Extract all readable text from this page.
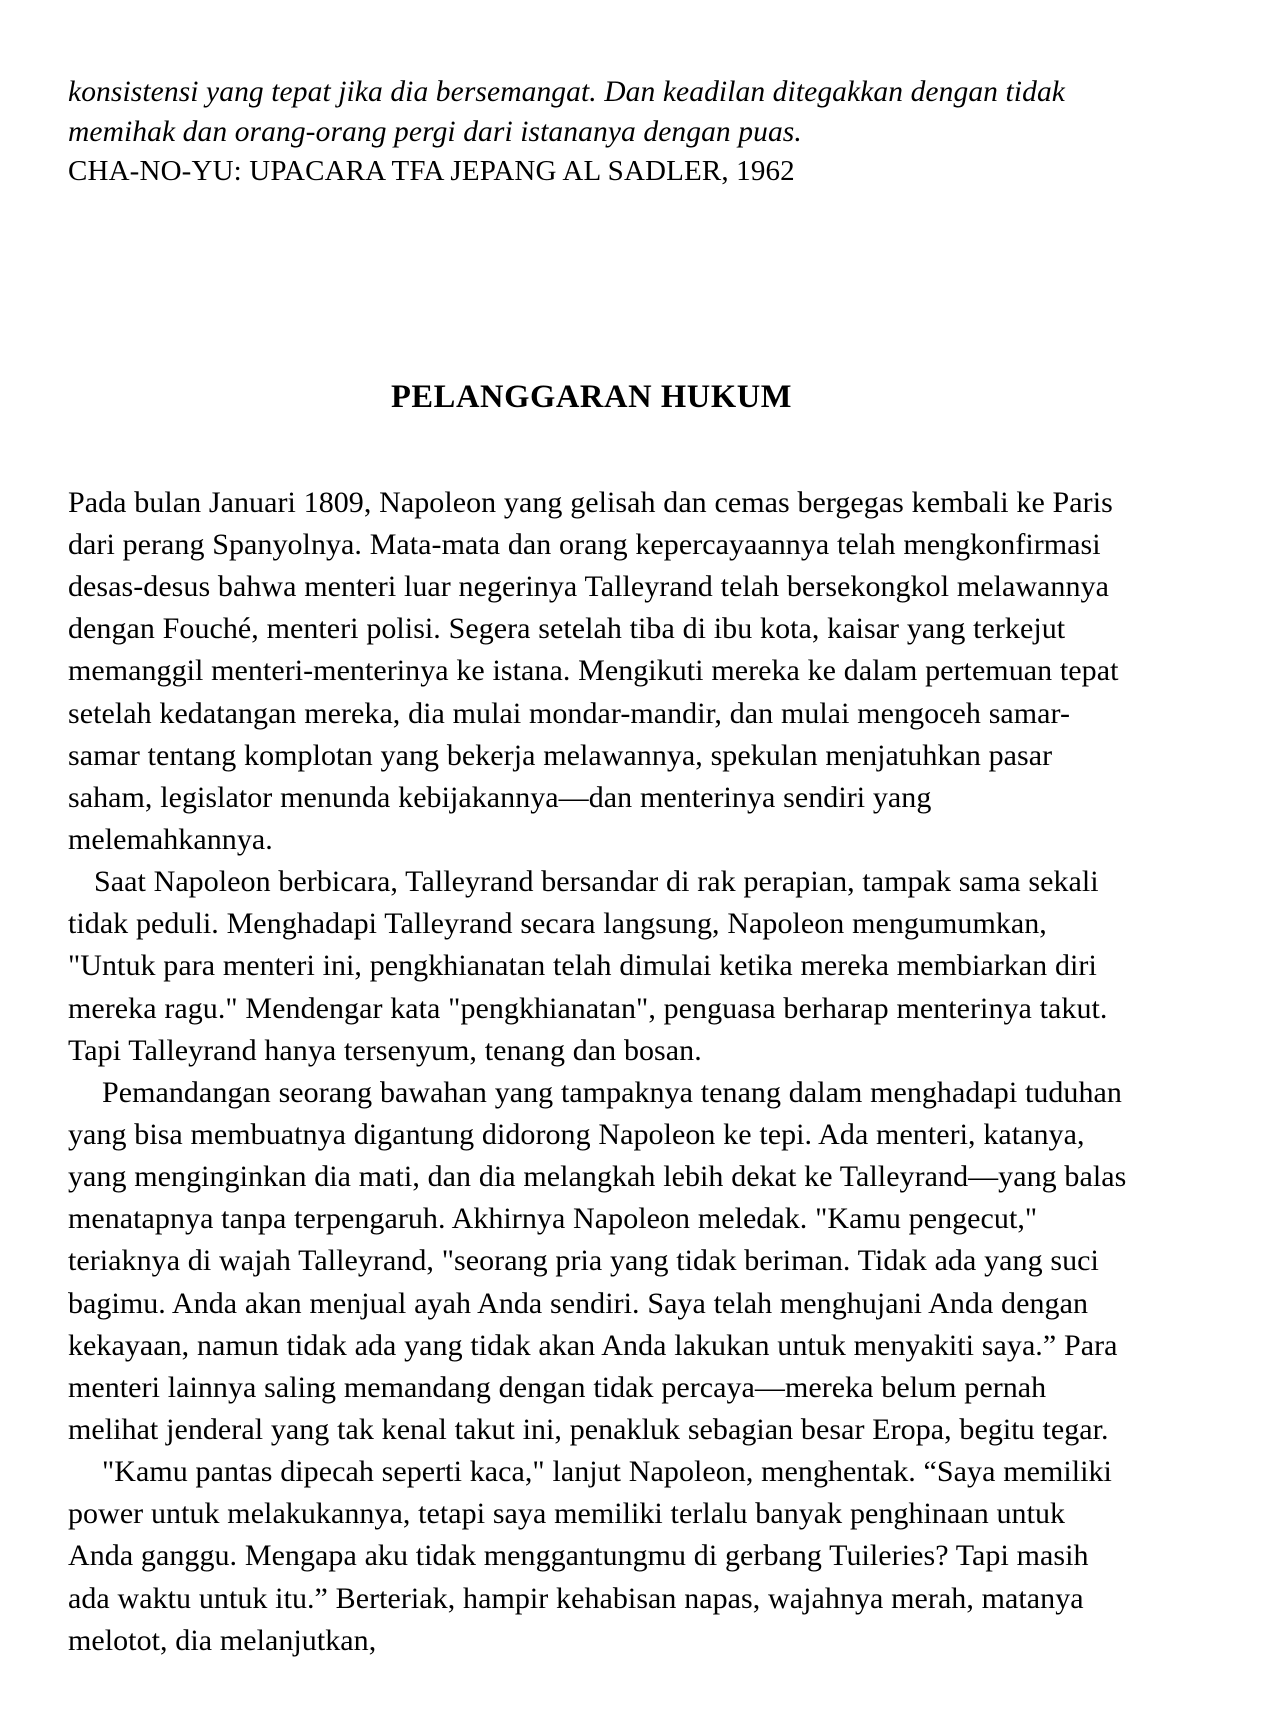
konsistensi yang tepat jika dia bersemangat. Dan keadilan ditegakkan dengan tidak memihak dan orang-orang pergi dari istananya dengan puas.

CHA-NO-YU: UPACARA TFA JEPANG AL SADLER, 1962

PELANGGARAN HUKUM

Pada bulan Januari 1809, Napoleon yang gelisah dan cemas bergegas kembali ke Paris dari perang Spanyolnya. Mata-mata dan orang kepercayaannya telah mengkonfirmasi desas-desus bahwa menteri luar negerinya Talleyrand telah bersekongkol melawannya dengan Fouché, menteri polisi. Segera setelah tiba di ibu kota, kaisar yang terkejut memanggil menteri-menterinya ke istana. Mengikuti mereka ke dalam pertemuan tepat setelah kedatangan mereka, dia mulai mondar-mandir, dan mulai mengoceh samar-samar tentang komplotan yang bekerja melawannya, spekulan menjatuhkan pasar saham, legislator menunda kebijakannya—dan menterinya sendiri yang melemahkannya.

Saat Napoleon berbicara, Talleyrand bersandar di rak perapian, tampak sama sekali tidak peduli. Menghadapi Talleyrand secara langsung, Napoleon mengumumkan, "Untuk para menteri ini, pengkhianatan telah dimulai ketika mereka membiarkan diri mereka ragu." Mendengar kata "pengkhianatan", penguasa berharap menterinya takut. Tapi Talleyrand hanya tersenyum, tenang dan bosan.

Pemandangan seorang bawahan yang tampaknya tenang dalam menghadapi tuduhan yang bisa membuatnya digantung didorong Napoleon ke tepi. Ada menteri, katanya, yang menginginkan dia mati, dan dia melangkah lebih dekat ke Talleyrand—yang balas menatapnya tanpa terpengaruh. Akhirnya Napoleon meledak. "Kamu pengecut," teriaknya di wajah Talleyrand, "seorang pria yang tidak beriman. Tidak ada yang suci bagimu. Anda akan menjual ayah Anda sendiri. Saya telah menghujani Anda dengan kekayaan, namun tidak ada yang tidak akan Anda lakukan untuk menyakiti saya.” Para menteri lainnya saling memandang dengan tidak percaya—mereka belum pernah melihat jenderal yang tak kenal takut ini, penakluk sebagian besar Eropa, begitu tegar.

"Kamu pantas dipecah seperti kaca," lanjut Napoleon, menghentak. “Saya memiliki power untuk melakukannya, tetapi saya memiliki terlalu banyak penghinaan untuk Anda ganggu. Mengapa aku tidak menggantungmu di gerbang Tuileries? Tapi masih ada waktu untuk itu.” Berteriak, hampir kehabisan napas, wajahnya merah, matanya melotot, dia melanjutkan,
